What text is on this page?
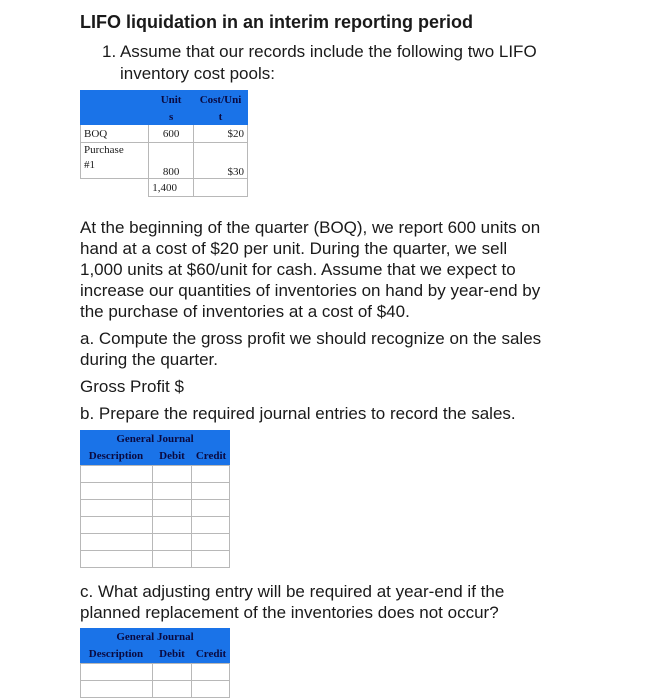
LIFO liquidation in an interim reporting period
1. Assume that our records include the following two LIFO
inventory cost pools:
	Unit	Cost/Uni
	s	t
BOQ	600	$20
Purchase
#1	800	$30
	1,400	
At the beginning of the quarter (BOQ), we report 600 units on
hand at a cost of $20 per unit. During the quarter, we sell
1,000 units at $60/unit for cash. Assume that we expect to
increase our quantities of inventories on hand by year-end by
the purchase of inventories at a cost of $40.
a. Compute the gross profit we should recognize on the sales
during the quarter.
Gross Profit $
b. Prepare the required journal entries to record the sales.
General Journal
Description	Debit Credit
c. What adjusting entry will be required at year-end if the
planned replacement of the inventories does not occur?
General Journal
Description	Debit Credit
